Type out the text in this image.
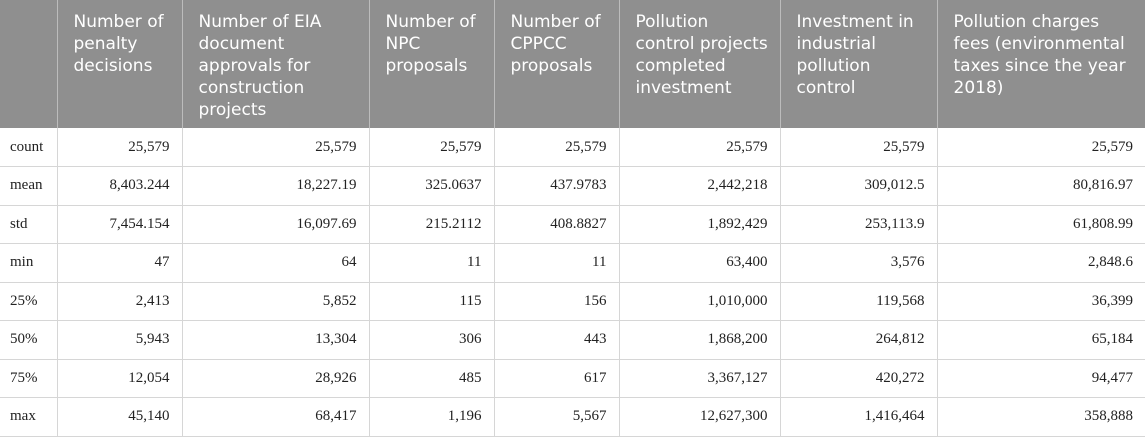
	Number of penalty decisions	Number of EIA document approvals for construction projects	Number of NPC proposals	Number of CPPCC proposals	Pollution control projects completed investment	Investment in industrial pollution control	Pollution charges fees (environmental taxes since the year 2018)
count	25,579	25,579	25,579	25,579	25,579	25,579	25,579
mean	8,403.244	18,227.19	325.0637	437.9783	2,442,218	309,012.5	80,816.97
std	7,454.154	16,097.69	215.2112	408.8827	1,892,429	253,113.9	61,808.99
min	47	64	11	11	63,400	3,576	2,848.6
25%	2,413	5,852	115	156	1,010,000	119,568	36,399
50%	5,943	13,304	306	443	1,868,200	264,812	65,184
75%	12,054	28,926	485	617	3,367,127	420,272	94,477
max	45,140	68,417	1,196	5,567	12,627,300	1,416,464	358,888
